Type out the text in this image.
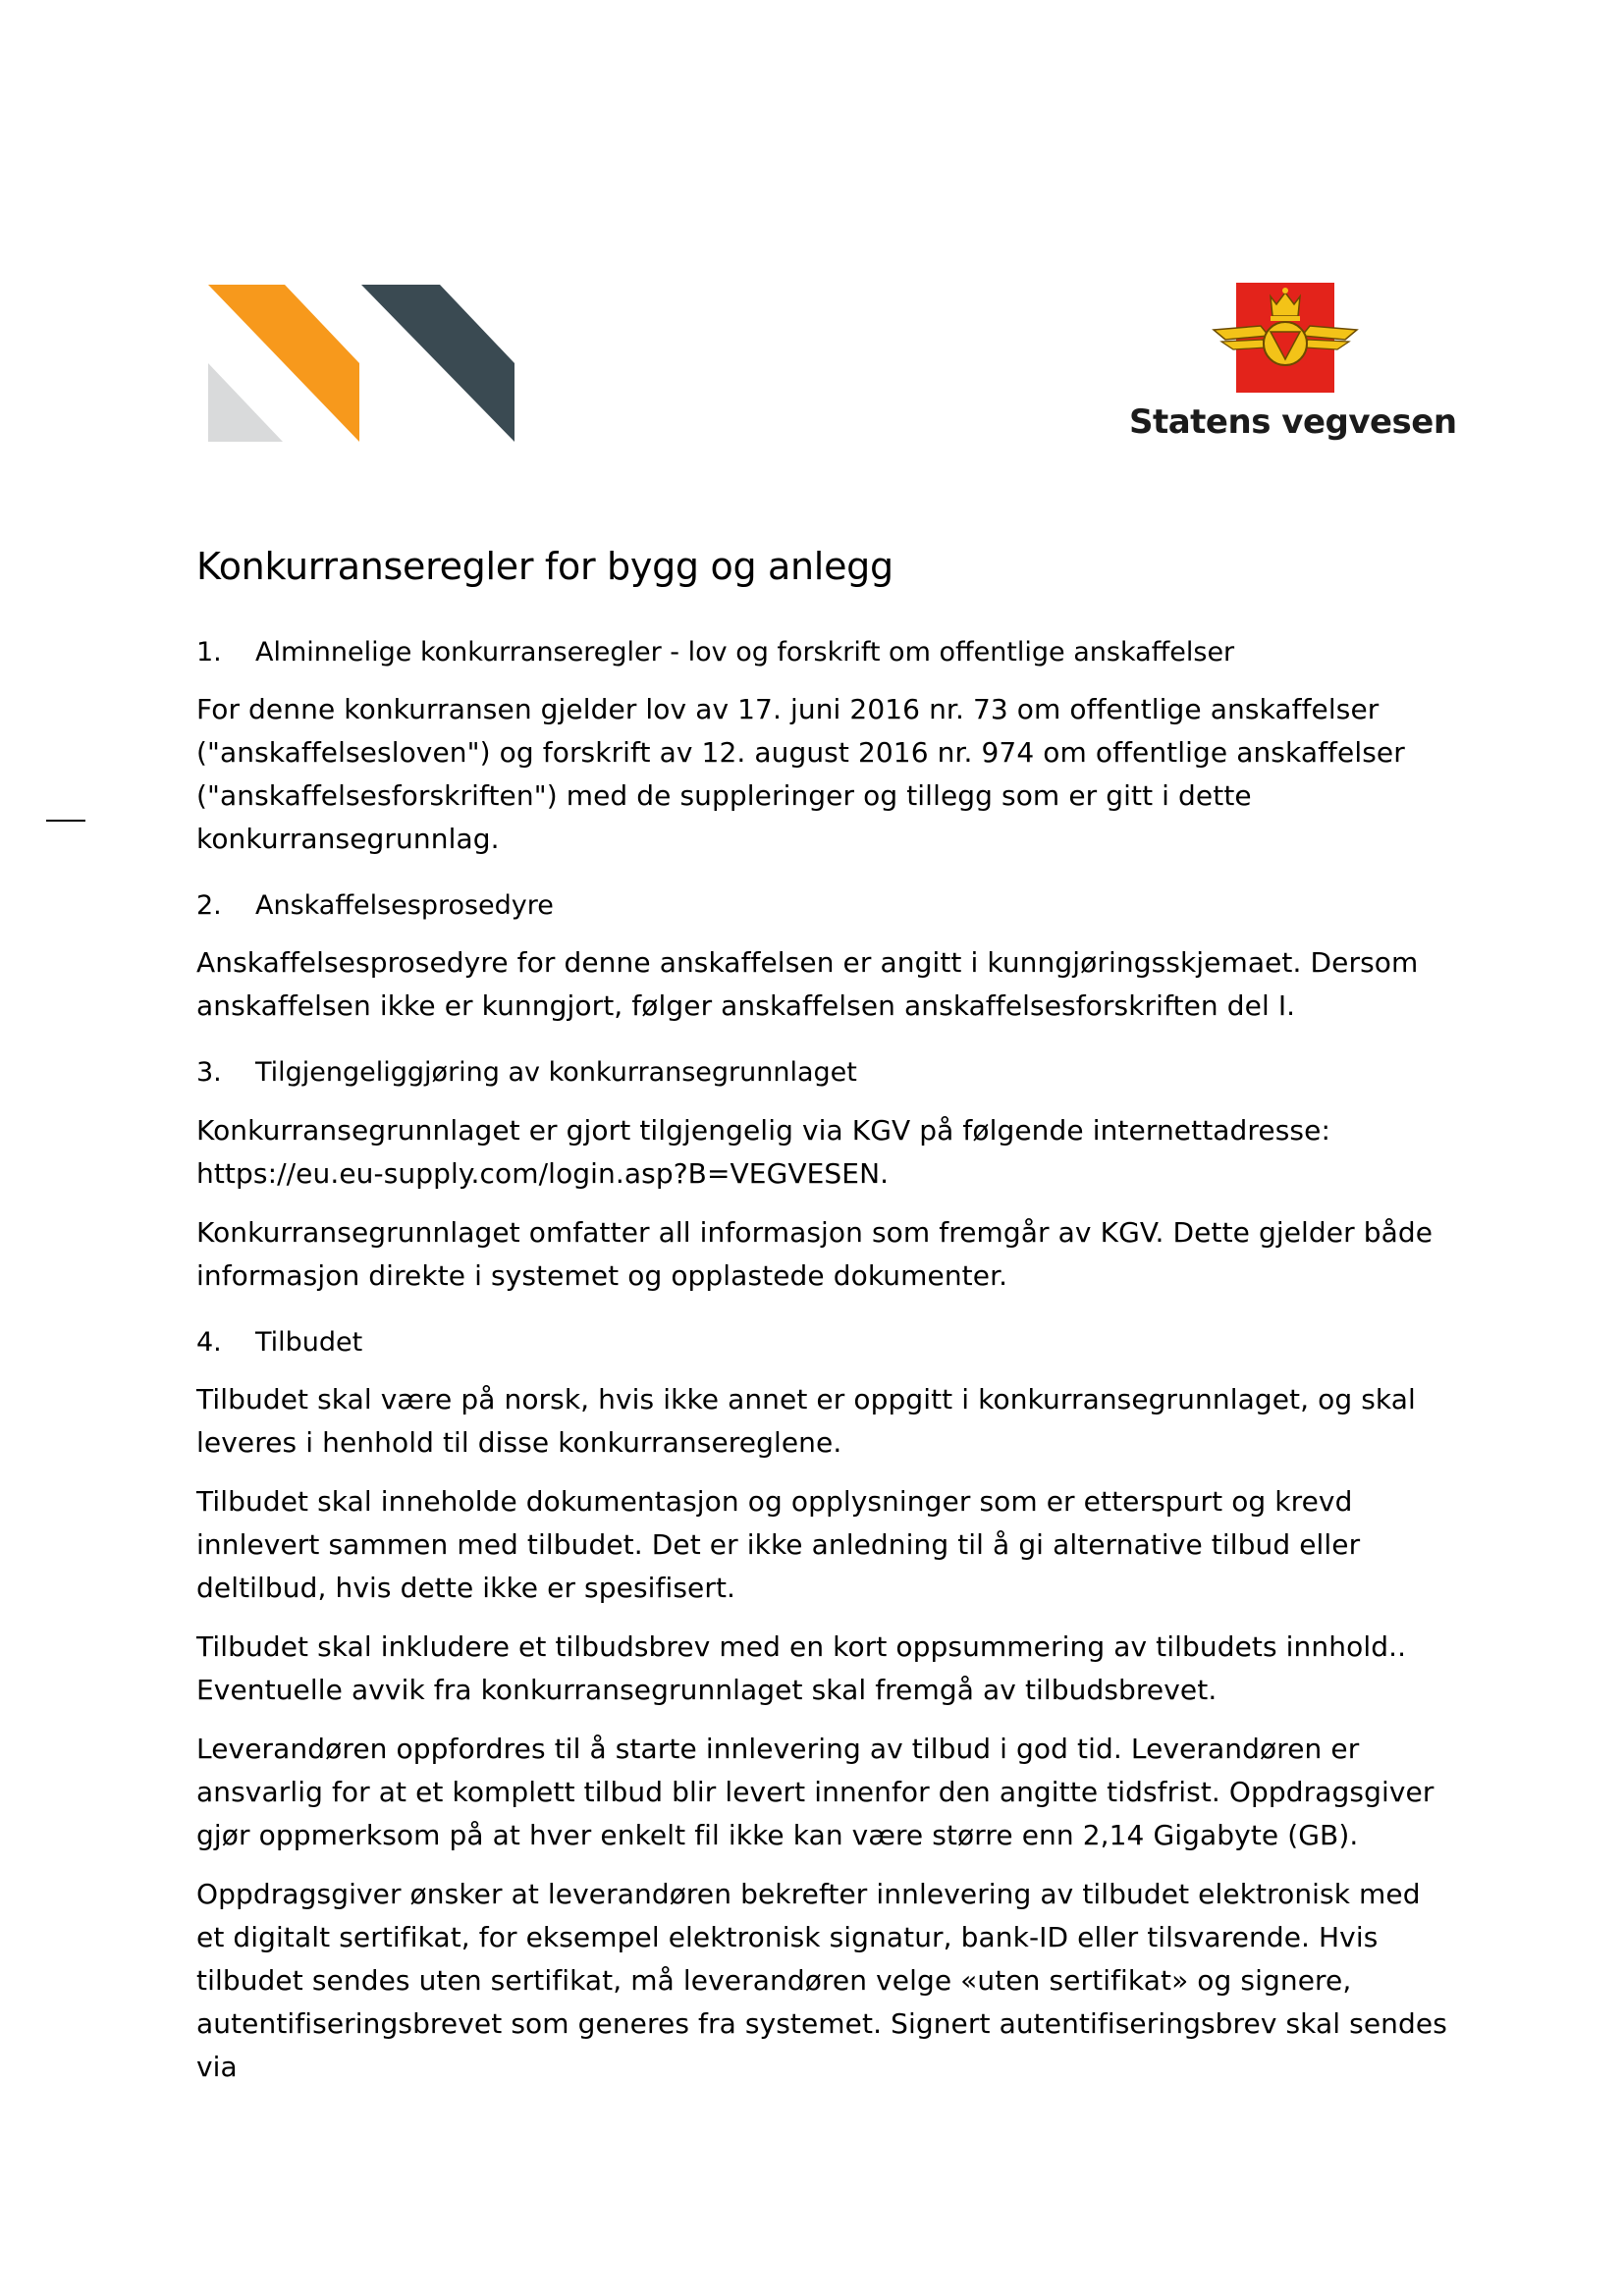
Statens vegvesen
Konkurranseregler for bygg og anlegg
1.	Alminnelige konkurranseregler - lov og forskrift om offentlige anskaffelser

For denne konkurransen gjelder lov av 17. juni 2016 nr. 73 om offentlige anskaffelser ("anskaffelsesloven") og forskrift av 12. august 2016 nr. 974 om offentlige anskaffelser ("anskaffelsesforskriften") med de suppleringer og tillegg som er gitt i dette konkurransegrunnlag.

2.	Anskaffelsesprosedyre

Anskaffelsesprosedyre for denne anskaffelsen er angitt i kunngjøringsskjemaet. Dersom anskaffelsen ikke er kunngjort, følger anskaffelsen anskaffelsesforskriften del I.

3.	Tilgjengeliggjøring av konkurransegrunnlaget

Konkurransegrunnlaget er gjort tilgjengelig via KGV på følgende internettadresse: https://eu.eu-supply.com/login.asp?B=VEGVESEN.

Konkurransegrunnlaget omfatter all informasjon som fremgår av KGV. Dette gjelder både informasjon direkte i systemet og opplastede dokumenter.

4.	Tilbudet

Tilbudet skal være på norsk, hvis ikke annet er oppgitt i konkurransegrunnlaget, og skal leveres i henhold til disse konkurransereglene.

Tilbudet skal inneholde dokumentasjon og opplysninger som er etterspurt og krevd innlevert sammen med tilbudet. Det er ikke anledning til å gi alternative tilbud eller deltilbud, hvis dette ikke er spesifisert.

Tilbudet skal inkludere et tilbudsbrev med en kort oppsummering av tilbudets innhold.. Eventuelle avvik fra konkurransegrunnlaget skal fremgå av tilbudsbrevet.

Leverandøren oppfordres til å starte innlevering av tilbud i god tid. Leverandøren er ansvarlig for at et komplett tilbud blir levert innenfor den angitte tidsfrist. Oppdragsgiver gjør oppmerksom på at hver enkelt fil ikke kan være større enn 2,14 Gigabyte (GB).

Oppdragsgiver ønsker at leverandøren bekrefter innlevering av tilbudet elektronisk med et digitalt sertifikat, for eksempel elektronisk signatur, bank-ID eller tilsvarende. Hvis tilbudet sendes uten sertifikat, må leverandøren velge «uten sertifikat» og signere, autentifiseringsbrevet som generes fra systemet. Signert autentifiseringsbrev skal sendes via
